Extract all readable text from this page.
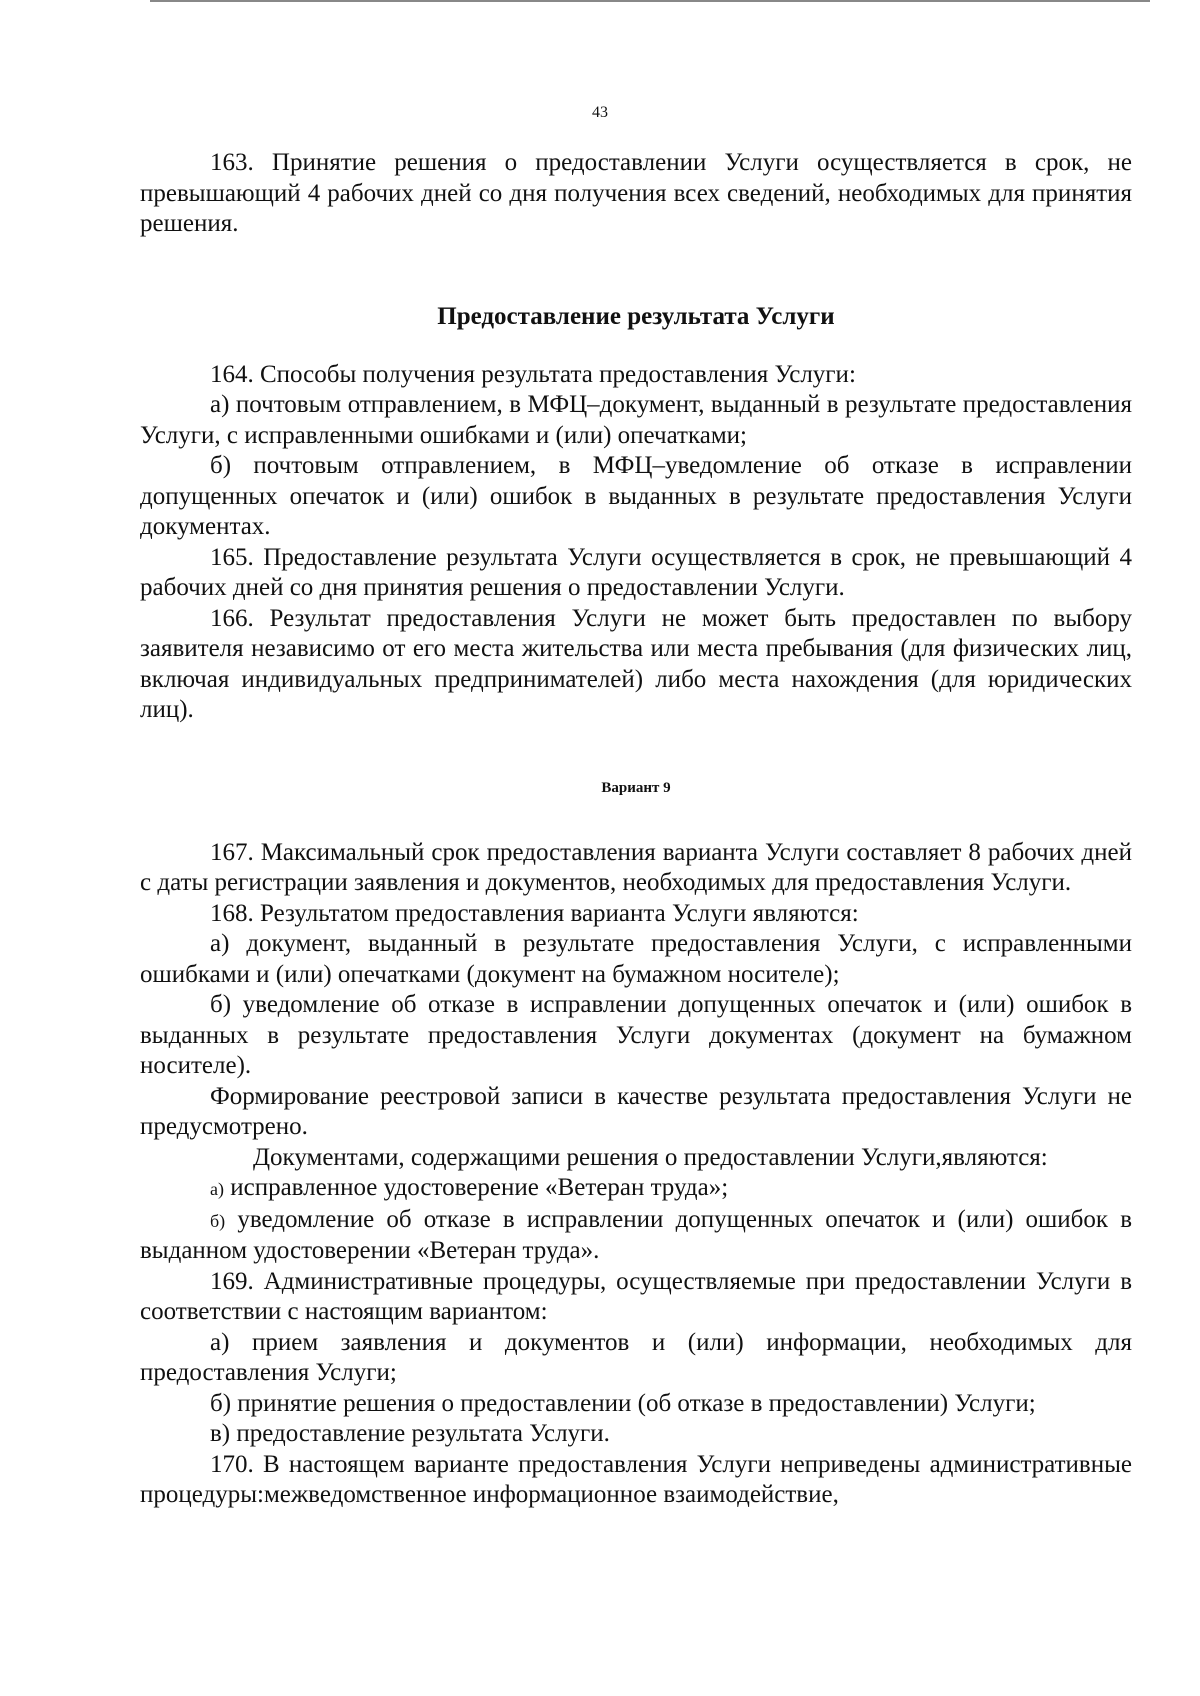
43

163. Принятие решения о предоставлении Услуги осуществляется в срок, не превышающий 4 рабочих дней со дня получения всех сведений, необходимых для принятия решения.

Предоставление результата Услуги

164. Способы получения результата предоставления Услуги:

а) почтовым отправлением, в МФЦ–документ, выданный в результате предоставления Услуги, с исправленными ошибками и (или) опечатками;

б) почтовым отправлением, в МФЦ–уведомление об отказе в исправлении допущенных опечаток и (или) ошибок в выданных в результате предоставления Услуги документах.

165. Предоставление результата Услуги осуществляется в срок, не превышающий 4 рабочих дней со дня принятия решения о предоставлении Услуги.

166. Результат предоставления Услуги не может быть предоставлен по выбору заявителя независимо от его места жительства или места пребывания (для физических лиц, включая индивидуальных предпринимателей) либо места нахождения (для юридических лиц).

Вариант 9

167. Максимальный срок предоставления варианта Услуги составляет 8 рабочих дней с даты регистрации заявления и документов, необходимых для предоставления Услуги.

168. Результатом предоставления варианта Услуги являются:

а) документ, выданный в результате предоставления Услуги, с исправленными ошибками и (или) опечатками (документ на бумажном носителе);

б) уведомление об отказе в исправлении допущенных опечаток и (или) ошибок в выданных в результате предоставления Услуги документах (документ на бумажном носителе).

Формирование реестровой записи в качестве результата предоставления Услуги не предусмотрено.

Документами, содержащими решения о предоставлении Услуги,являются:

а) исправленное удостоверение «Ветеран труда»;

б) уведомление об отказе в исправлении допущенных опечаток и (или) ошибок в выданном удостоверении «Ветеран труда».

169. Административные процедуры, осуществляемые при предоставлении Услуги в соответствии с настоящим вариантом:

а) прием заявления и документов и (или) информации, необходимых для предоставления Услуги;

б) принятие решения о предоставлении (об отказе в предоставлении) Услуги;

в) предоставление результата Услуги.

170. В настоящем варианте предоставления Услуги неприведены административные процедуры:межведомственное информационное взаимодействие,
